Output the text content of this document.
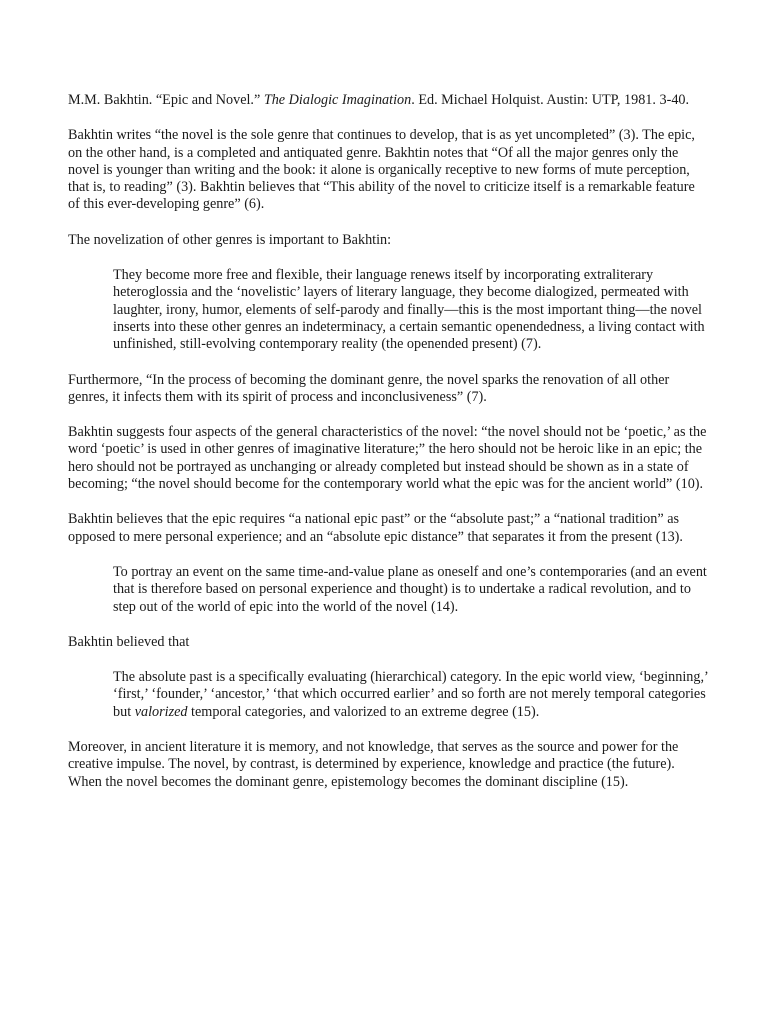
M.M. Bakhtin. “Epic and Novel.” The Dialogic Imagination. Ed. Michael Holquist. Austin: UTP, 1981. 3-40.

Bakhtin writes “the novel is the sole genre that continues to develop, that is as yet uncompleted” (3). The epic, on the other hand, is a completed and antiquated genre. Bakhtin notes that “Of all the major genres only the novel is younger than writing and the book: it alone is organically receptive to new forms of mute perception, that is, to reading” (3). Bakhtin believes that “This ability of the novel to criticize itself is a remarkable feature of this ever-developing genre” (6).

The novelization of other genres is important to Bakhtin:

They become more free and flexible, their language renews itself by incorporating extraliterary heteroglossia and the ‘novelistic’ layers of literary language, they become dialogized, permeated with laughter, irony, humor, elements of self-parody and finally—this is the most important thing—the novel inserts into these other genres an indeterminacy, a certain semantic openendedness, a living contact with unfinished, still-evolving contemporary reality (the openended present) (7).

Furthermore, “In the process of becoming the dominant genre, the novel sparks the renovation of all other genres, it infects them with its spirit of process and inconclusiveness” (7).

Bakhtin suggests four aspects of the general characteristics of the novel: “the novel should not be ‘poetic,’ as the word ‘poetic’ is used in other genres of imaginative literature;” the hero should not be heroic like in an epic; the hero should not be portrayed as unchanging or already completed but instead should be shown as in a state of becoming; “the novel should become for the contemporary world what the epic was for the ancient world” (10).

Bakhtin believes that the epic requires “a national epic past” or the “absolute past;” a “national tradition” as opposed to mere personal experience; and an “absolute epic distance” that separates it from the present (13).

To portray an event on the same time-and-value plane as oneself and one’s contemporaries (and an event that is therefore based on personal experience and thought) is to undertake a radical revolution, and to step out of the world of epic into the world of the novel (14).

Bakhtin believed that

The absolute past is a specifically evaluating (hierarchical) category. In the epic world view, ‘beginning,’ ‘first,’ ‘founder,’ ‘ancestor,’ ‘that which occurred earlier’ and so forth are not merely temporal categories but valorized temporal categories, and valorized to an extreme degree (15).

Moreover, in ancient literature it is memory, and not knowledge, that serves as the source and power for the creative impulse. The novel, by contrast, is determined by experience, knowledge and practice (the future). When the novel becomes the dominant genre, epistemology becomes the dominant discipline (15).
